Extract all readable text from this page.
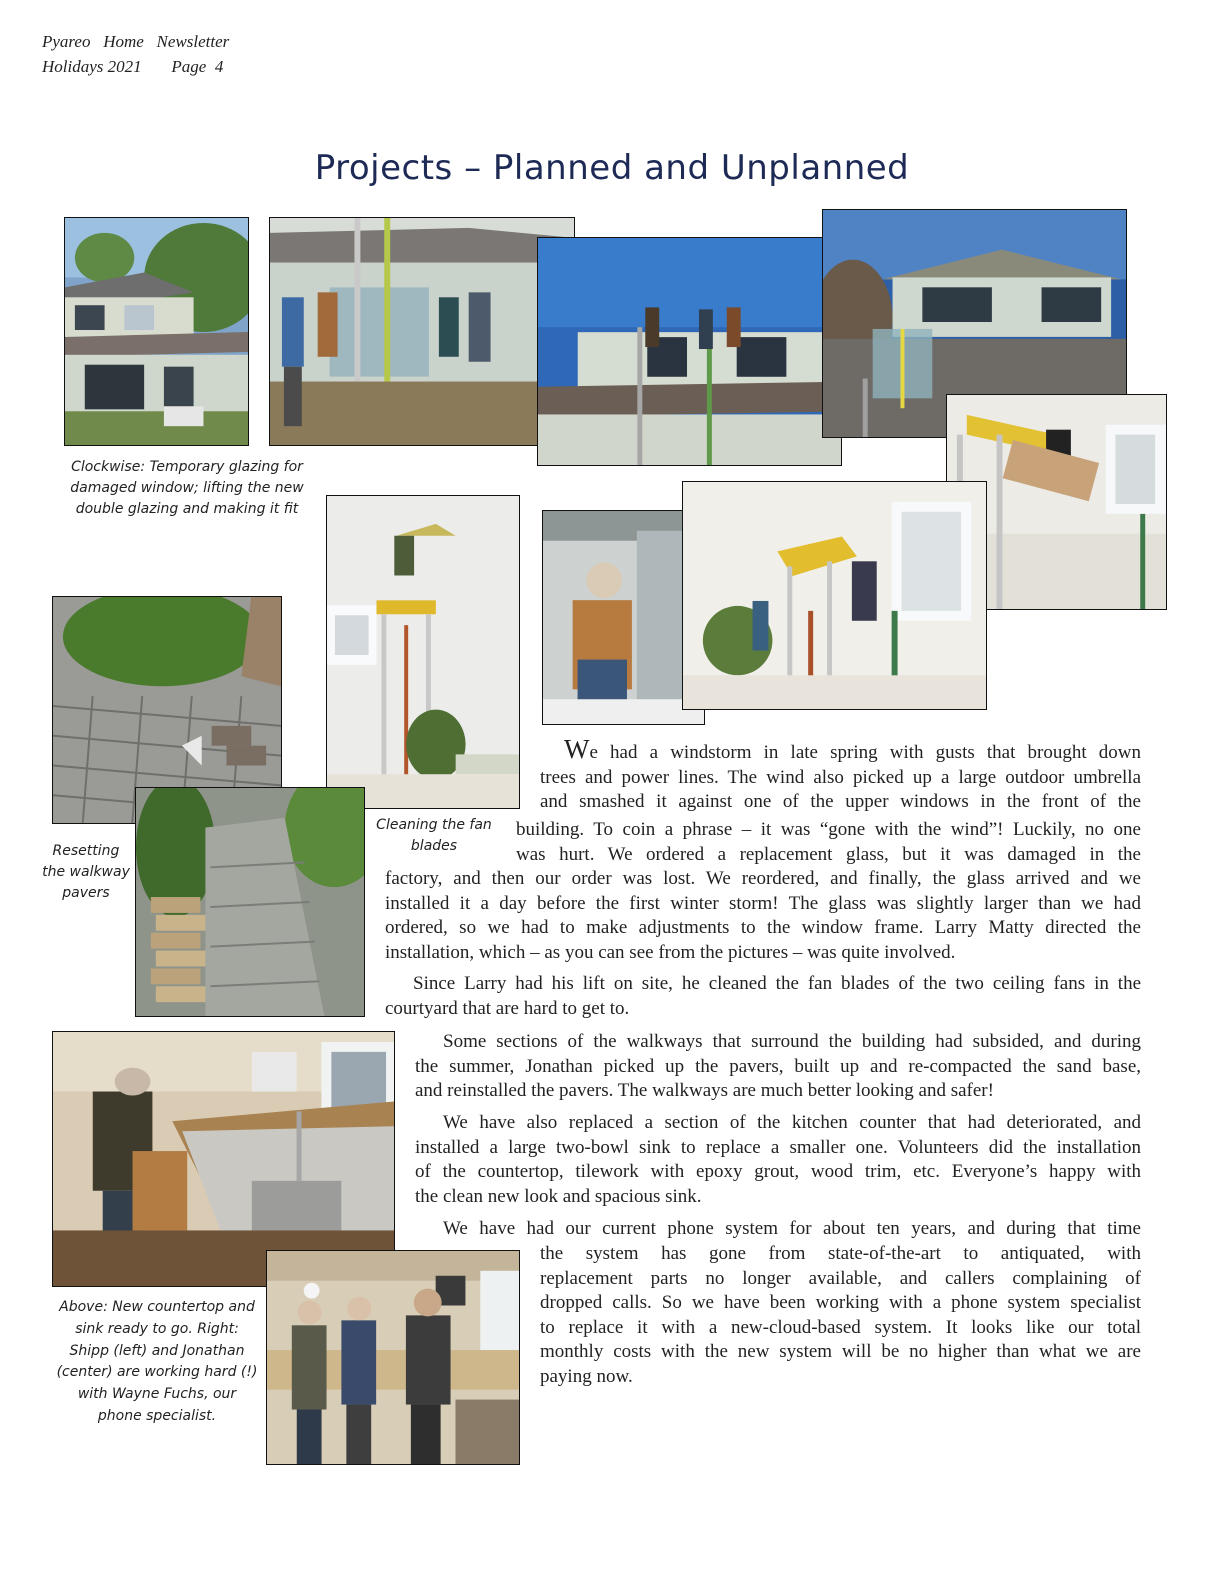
Pyareo   Home   Newsletter
Holidays 2021       Page  4
Projects – Planned and Unplanned
Clockwise: Temporary glazing for
damaged window; lifting the new
double glazing and making it fit
Cleaning the fan
blades
Resetting
the walkway
pavers
Above: New countertop and
sink ready to go. Right:
Shipp (left) and Jonathan
(center) are working hard (!)
with Wayne Fuchs, our
phone specialist.
We had a windstorm in late spring with gusts that brought down
trees and power lines. The wind also picked up a large outdoor umbrella
and smashed it against one of the upper windows in the front of the
building. To coin a phrase – it was “gone with the wind”! Luckily, no one
was hurt. We ordered a replacement glass, but it was damaged in the
factory, and then our order was lost. We reordered, and finally, the glass arrived and we
installed it a day before the first winter storm! The glass was slightly larger than we had
ordered, so we had to make adjustments to the window frame. Larry Matty directed the
installation, which – as you can see from the pictures – was quite involved.
Since Larry had his lift on site, he cleaned the fan blades of the two ceiling fans in the
courtyard that are hard to get to.
Some sections of the walkways that surround the building had subsided, and during
the summer, Jonathan picked up the pavers, built up and re-compacted the sand base,
and reinstalled the pavers. The walkways are much better looking and safer!
We have also replaced a section of the kitchen counter that had deteriorated, and
installed a large two-bowl sink to replace a smaller one. Volunteers did the installation
of the countertop, tilework with epoxy grout, wood trim, etc. Everyone’s happy with
the clean new look and spacious sink.
We have had our current phone system for about ten years, and during that time
the system has gone from state-of-the-art to antiquated, with
replacement parts no longer available, and callers complaining of
dropped calls. So we have been working with a phone system specialist
to replace it with a new-cloud-based system. It looks like our total
monthly costs with the new system will be no higher than what we are
paying now.
